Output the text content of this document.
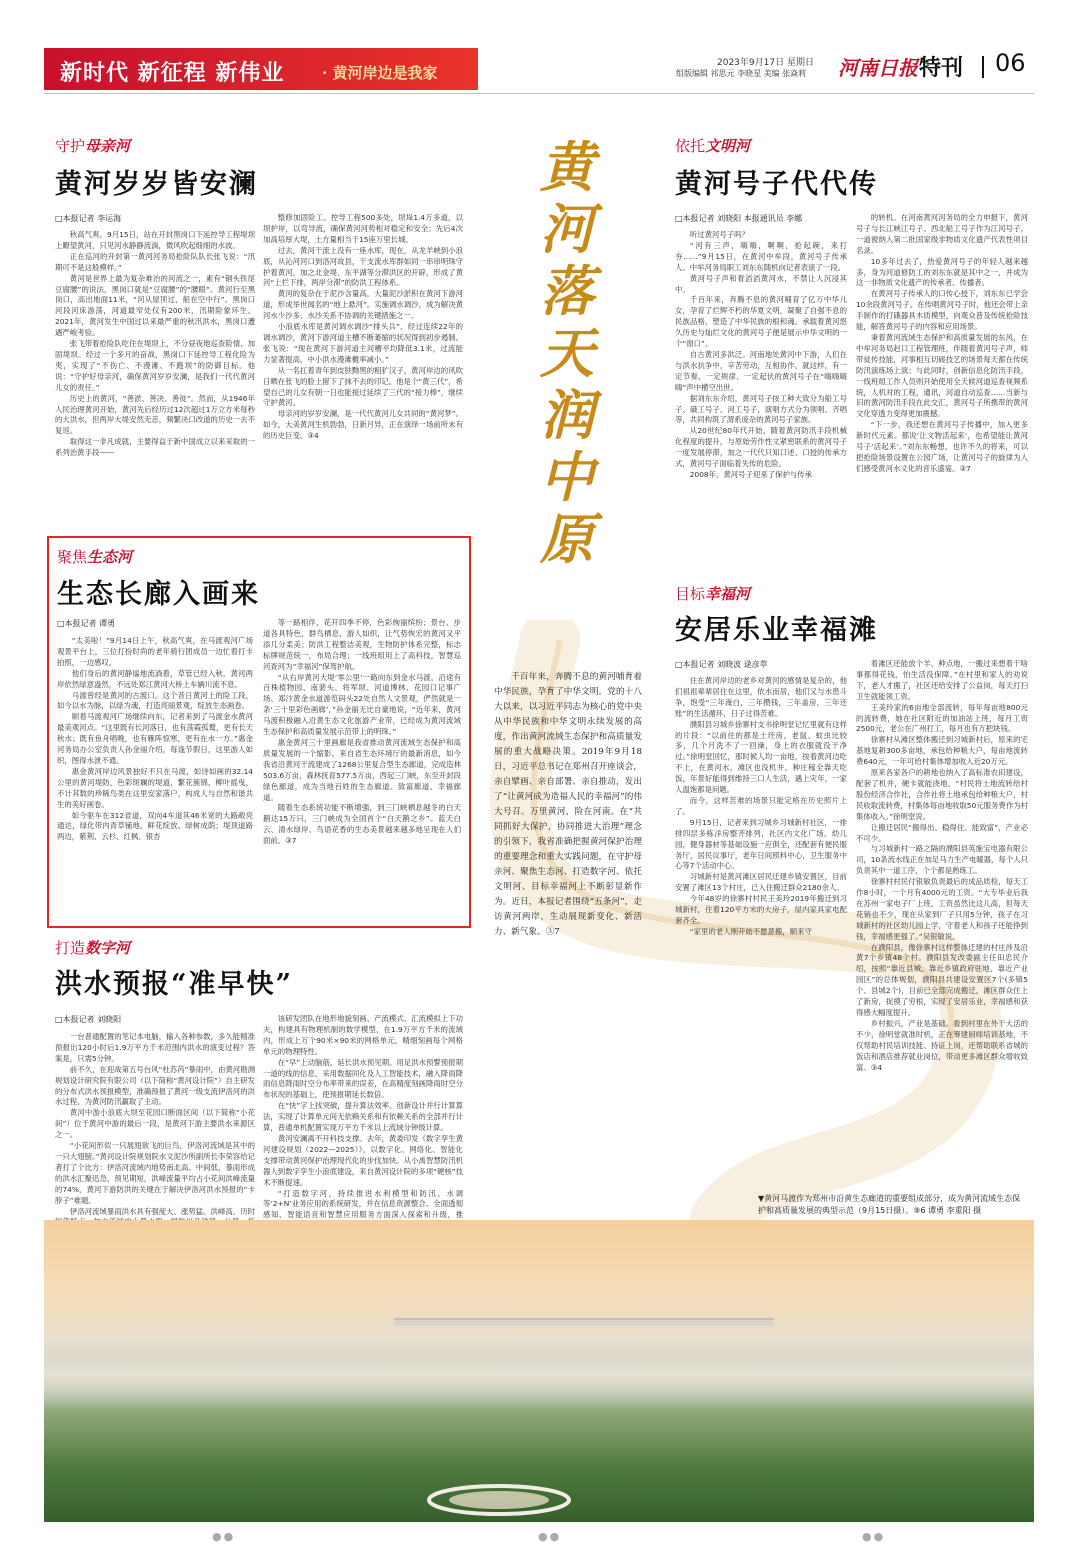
新时代 新征程 新伟业	· 黄河岸边是我家
2023年9月17日 星期日
组版编辑 祁思元 李晓星 美编 张焱莉 河南日报 特刊 06
守护母亲河
黄河岁岁皆安澜
□本报记者 李运海

秋高气爽。9月15日，站在开封黑岗口下延控导工程堤坝上瞭望黄河，只见河水静静流淌，微风吹起细细的水波。

正在巡河的开封第一黄河河务局抢险队队长张飞说：“汛期可不是这般模样。”

黄河是世界上最为复杂难治的河流之一，素有“铜头铁尾豆腐腰”的说法，黑岗口就是“豆腐腰”的“腰眼”。黄河行至黑岗口，高出地面11米，“河从屋顶过，船在空中行”。黑岗口河段河床游荡，河道最窄处仅有200米，汛期险象环生。2021年，黄河发生中国过以来最严重的秋汛洪水，黑岗口遭遇严峻考验。

张飞带着抢险队吃住在堤坝上，不分昼夜地巡查险情、加固堤坝。经过一个多月的奋战，黑岗口下延控导工程化险为夷，实现了“不伤亡、不漫滩、不跑坝”的防御目标。他说：“守护好母亲河，确保黄河岁岁安澜，是我们一代代黄河儿女的责任。”

历史上的黄河，“善淤、善决、善徙”。然而，从1946年人民治理黄河开始，黄河先后经历过12次超过1万立方米每秒的大洪水，但两岸大堤安然无恙，频繁决口改道的历史一去不复返。

取得这一非凡成就，主要得益于新中国成立以来采取的一系列治黄手段——

整修加固险工、控导工程500多处，坝垛1.4万多道，以坝护岸，以弯导流，确保黄河河势相对稳定和安全；先后4次加高培厚大堤，土方量相当于15座万里长城。

过去，黄河干流上没有一座水库，现在，从龙羊峡到小浪底，从沁河河口到洛河故县，干支流水库群如同一串串明珠守护着黄河，加之北金堤、东平湖等分滞洪区的开辟，形成了黄河“上拦下排，两岸分滞”的防洪工程体系。

黄河的复杂在于泥沙含量高，大量泥沙淤积在黄河下游河道，形成举世闻名的“地上悬河”。实施调水调沙，成为解决黄河水少沙多、水沙关系不协调的关键措施之一。

小浪底水库是黄河调水调沙“排头兵”。经过连续22年的调水调沙，黄河下游河道主槽不断萎缩的状况得到初步遏制。张飞说：“现在黄河下游河道主河槽平均降低3.1米，过流能力显著提高，中小洪水漫滩概率减小。”

从一名扛着青年到皮肤黝黑的粗犷汉子，黄河岸边的风吹日晒在张飞的脸上留下了抹不去的印记。他是个“黄三代”，希望自己的儿女有朝一日也能接过延续了三代的“接力棒”，继续守护黄河。

母亲河的岁岁安澜，是一代代黄河儿女共同的“黄河梦”。如今，大美黄河生机勃勃，日新月异，正在演绎一场前所未有的历史巨变。③4

聚焦生态河
生态长廊入画来
□本报记者 谭勇

“太美啦！”9月14日上午，秋高气爽，在马渡观河广场观景平台上，三位打扮时尚的老年骑行团成员一边忙着打卡拍照，一边感叹。

他们身后的黄河静谧地流淌着，草管已经入秋，黄河两岸依然绿意盎然，不远处郑江黄河大桥上车辆川流不息。

马渡曾经是黄河的古渡口。这个昔日黄河上的险工段，如今以水为脉，以绿为魂，打造亮丽景观，绽放生态画卷。

顺着马渡观河广场继续向东，记者来到了马渡金水黄河最美观河点。“这里既有长河落日，也有荡霞孤鹜，更有长天秋水；既有鱼舟唱晚，也有雁阵惊寒，更有在水一方。”惠金河务局办公室负责人孙金丽介绍，每逢节假日，这里游人如织，图得水泄不通。

惠金黄河岸边风景独好不只在马渡，如诗如画的32.14公里的黄河堤防，色彩斑斓的堤道，繁花簇锦，柳叶摇曳，不计其数的珍稀鸟类在这里安家落户，构成人与自然和谐共生的美好画卷。

如今驱车在312省道，双向4车道其46米宽的大路敞亮通达，绿化带内青草铺地，鲜花绽放、绿树成荫；堤顶道路两边，紫荆、云杉、红枫、银杏

等一路相伴，花开四季不停，色彩绚丽缤纷；景台、步道各具特色，群鸟栖息，游人如织，让气势恢宏的黄河又平添几分柔美；防洪工程整洁美观，生物防护体系完整，标志标牌规范统一，布局合理；一线班组用上了高科技，智慧巡河查河为“幸福河”保驾护航。

“从右岸黄河大堤‘零公里’一路向东到金水马渡，沿途有百株植物园、南裴头、将军坝、河道博林、花园口记事广场、郑汴黄金水道游览码头22处自然人文景观，俨然就是一条‘三十里彩色画廊’，”孙金丽无比自豪地说，“近年来，黄河马渡积极融入沿黄生态文化旅游产业带，已经成为黄河流域生态保护和高质量发展示范带上的明珠。”

惠金黄河三十里画廊是我省推动黄河流域生态保护和高质量发展的一个缩影。来自省生态环境厅的最新消息，如今我省沿黄河干流建成了1268公里复合型生态廊道，完成造林503.6万亩，森林抚育577.5万亩，西起三门峡，东至开封段绿色廊道，成为当地百姓的生态廊道、致富廊道、幸福廊道。

随着生态系统功能不断增强，到三门峡栖息越冬的白天鹅达15万只，三门峡成为全国首个“白天鹅之乡”。蓝天白云、清水绿岸、鸟语花香的生态美景越来越多地呈现在人们面前。③7

打造数字河
洪水预报“准早快”
□本报记者 刘晓阳

一台普通配置的笔记本电脑，输入各种参数，多久能精准预报出120小时后1.9万平方千米范围内洪水的演变过程？答案是，只需5分钟。

前不久，在迎战第五号台风“杜苏芮”暴雨中，由黄河勘测规划设计研究院有限公司（以下简称“黄河设计院”）自主研发的分布式洪水预报模型，准确预报了黄河一级支流伊洛河的洪水过程，为黄河防汛赢取了主动。

黄河中游小浪底大坝至花园口断面区间（以下简称“小花间”）位于黄河中游的最后一段，是黄河下游主要洪水来源区之一。

“小花间形似一只展翅欲飞的巨鸟，伊洛河流域是其中的一只大翅膀。”黄河设计院规划院水文泥沙所副所长李荣容给记者打了个比方：伊洛河流域内地势南北高、中间低，暴雨形成的洪水汇聚迅急，预见期短，洪峰流量平均占小花间洪峰流量的74%，黄河下游防洪的关键在于解决伊洛河洪水预报的“卡脖子”难题。

伊洛河流域暴雨洪水具有强度大、涨势猛、洪峰高、历时

该研发团队在地形地貌刻画、产流模式、汇流模拟上下功夫，构建具有物理机制的数学模型，在1.9万平方千米的流域内，形成上万个90米×90米的网格单元，精细刻画每个网格单元的物理特性。

在“早”上动脑筋，延长洪水预见期。用足洪水预警预报期一道的线的信息，采用数据同化及人工智能技术，融入降雨降雨信息降雨时空分布率带来的误差，在高精度刻画降雨时空分布状况的基础上，使预报期延长数倍。

在“快”字上找突破，提升算法效率。创新设计并行计算算法，实现了计算单元间无依赖关系和有依赖关系的全部并行计算，普通单机配置实现万平方千米以上流域分钟级计算。

黄河安澜离不开科技支撑。去年，黄委印发《数字孪生黄河建设规划（2022—2025）》，以数字化、网络化、智能化支撑带动黄河保护治理现代化的步伐加快。从小禹智慧防汛机器人到数字孪生小浪底建设，来自黄河设计院的多项“硬核”技术不断提速。

“打造数字河，持续推进水利模型和防汛、水调等‘2+N’业务应用的系统研发，并在信息资源整合、全面透彻感知、智能语音和智慧应用服务方面深入探索和升级，推

黄
河
落
天
润
中
原
千百年来，奔腾不息的黄河哺育着中华民族，孕育了中华文明。党的十八大以来，以习近平同志为核心的党中央从中华民族和中华文明永续发展的高度，作出黄河流域生态保护和高质量发展的重大战略决策。2019年9月18日，习近平总书记在郑州召开座谈会，亲自擘画、亲自部署、亲自推动，发出了“让黄河成为造福人民的幸福河”的伟大号召。万里黄河，险在河南。在“共同抓好大保护，协同推进大治理”理念的引领下，我省准确把握黄河保护治理的重要理念和重大实践问题，在守护母亲河、聚焦生态河、打造数字河、依托文明河、目标幸福河上不断彰显新作为。近日，本报记者围绕“五条河”，走访黄河两岸，生动展现新变化、新活力、新气象。③7
依托文明河
黄河号子代代传
□本报记者 刘晓阳 本报通讯员 李娜

听过黄河号子吗？

“河有三声，嗨嗨，啊啊，抢起碗，来打夯……”9月15日，在黄河中牟段，黄河号子传承人、中牟河务局职工刘东东随机向记者表演了一段。

黄河号子声和着滔滔黄河水，不禁让人沉浸其中。

千百年来，奔腾不息的黄河哺育了亿万中华儿女，孕育了烂辉不朽的华夏文明，凝聚了自强不息的民族品格，塑造了中华民族的根和魂。承载着黄河悠久历史与灿烂文化的黄河号子便是展示中华文明的一个“窗口”。

自古黄河多洪泛。河南地处黄河中下游，人们在与洪水抗争中，辛苦劳动，互相协作，就这样，有一定节奏、一定规律、一定起伏的黄河号子在“嗨嗨嗨嗨”声中横空出世。

据刘东东介绍，黄河号子按工种大致分为船工号子、硪工号子、河工号子，演唱方式分为领唱、齐唱等，共同构筑了渭系庞杂的黄河号子家族。

从20世纪80年代开始，随着黄河防汛手段机械化程度的提升，与原始劳作性文紧密联系的黄河号子一度发展停滞，加之一代代只知口述、口授的传承方式，黄河号子面临着失传的危险。

2008年，黄河号子迎来了保护与传承

的转机。在河南黄河河务局的全力申报下，黄河号子与长江峡江号子、西北船工号子作为江河号子，一道被纳入第二批国家级非物质文化遗产代表性项目名录。

10多年过去了，热爱黄河号子的年轻人越来越多，身为河道修防工的刘东东就是其中之一，并成为这一非物质文化遗产的传承者、传播者。

在黄河号子传承人的口传心授下，刘东东已学会10余段黄河号子。在传唱黄河号子时，他还会带上亲手制作的打硪器具木质模型，向观众普及传统抢险技能，解答黄河号子的内容和应用场景。

秉着黄河流域生态保护和高质量发展的东风，在中牟河务局赵口工程管理班，伴随着黄河号子声，师带徒传技能，河事相互切磋技艺的场景每天都在传统防汛演练场上演；与此同时，创新信息化防汛手段，一线班组工作人员则开始使用全天候河道巡查视频系统，人机对的工程，通讯，河道自动巡查……当新与旧的黄河防汛手段在此交汇，黄河号子所携带的黄河文化穿透力变得更加震撼。

“下一步，我还想在黄河号子传播中，加入更多新时代元素。都说‘让文物活起来’，也希望能让黄河号子‘活起来’。”刘东东畅想，也许不久的将来，可以把抢险场景设置在公园广场，让黄河号子的旋律为人们感受黄河水文化的音乐盛宴。③7

目标幸福河
安居乐业幸福滩
□本报记者 刘晓波 逯彦萃

住在黄河岸边的老乡对黄河的感情是复杂的，他们祖祖辈辈居住在这里，依水而居，他们又与水患斗争，饱受“三年淹白，三年攒钱，三年盖房，三年还账”的生活循环，日子过得苦难。

濮阳县习城乡徐寨村支书徐明堂记忆里就有这样的片段：“以前住的都是土坯房、老鼠、蚊虫比较多，几个月洗不了一回澡，身上的衣服就没干净过。”徐明堂回忆，那时候人均一亩地，按着黄河边吃不上，在黄河水，滩区也没机井，种庄稼全靠天吃饭，年景好能得到维持三口人生活，遇上灾年，一家人温饱都是问题。

而今，这样苦难的场景只能定格在历史照片上了。

9月15日，记者来到习城乡习城新村社区，一排排四层多栋洋房整齐排列，社区内文化广场、幼儿园，健身器材等基础设施一应俱全，还配套有便民服务厅，居民议事厅，老年日间照料中心，卫生服务中心等7个活动中心。

习城新村是黄河滩区居民迁建乡镇安置区，目前安置了滩区13个村庄，已入住搬迁群众2180余人。

今年48岁的徐寨村村民王美玲2019年搬迁到习城新村，住着120平方米的大房子，屋内家具家电配套齐全。

“家里的老人刚开始不愿意搬，顺来守

着滩区还能放个羊、种点地，一搬过来想着干啥事都得花钱，怕生活没保障。”在村里和家人的劝说下，老人才搬了，社区还给安排了公益岗，每天打扫卫生就能领工资。

王美玲家的6亩地全部流转，每年每亩地800元的流转费，她在社区附近的加油站上班，每月工资2500元，老公在广州打工，每月也有万把块钱。

徐寨村从滩区整体搬迁到习城新村后，原来的宅基地复耕300多亩地，承包给种粮大户，每亩地流转费640元，一年可给村集体增加收入近20万元。

原来各家各户的耕地也纳入了高标准农田建设，配套了机井，硬卡就能浇地。“村民将土地流转给村股份经济合作社，合作社将土地承包给种粮大户，村民收取流转费，村集体每亩地收取50元服务费作为村集体收入。”徐明堂说。

让搬迁居民“搬得出、稳得住、能致富”，产业必不可少。

与习城新村一路之隔的濮阳县英施宝电器有限公司，10条流水线正在加足马力生产电暖器，每个人只负责其中一道工序，个个都是熟练工。

徐寨村村民付银敏负责最后的成品质检，每天工作8小时，一个月有4000元的工资。“大专毕业后我在苏州一家电子厂上班，工资虽然比这儿高，但每天花销也不少，现在从家到厂子只用5分钟，孩子在习城新村的社区幼儿园上学，守着老人和孩子还能挣到钱，幸福感更强了。”吴银敏说。

在濮阳县，像徐寨村这样整体迁建的村庄涉及沿黄7个乡镇48个村。濮阳县发改委副主任田忠民介绍，按照“靠近县城、靠近乡镇政府驻地、靠近产业园区”的总体规划，濮阳县共建设安置区7个(多镇5个、县城2个)，目前已全部完成搬迁，滩区群众住上了新房，捉摸了穷根，实现了安居乐业，幸福感和获得感大幅度提升。

乡村振兴，产业是基础。看到村里在外干大活的不少，徐明堂就准时机，正在筹建厨师培训基地，不仅帮助村民培训技能、持证上岗，还帮助联系省城的饭店和酒店推荐就业岗位，带动更多滩区群众增收致富。③4

▼黄河马渡作为郑州市沿黄生态廊道的重要组成部分，成为黄河流域生态保护和高质量发展的典型示范（9月15日摄）。⑨6 谭勇 李重阳 摄
●●	●●	●●
